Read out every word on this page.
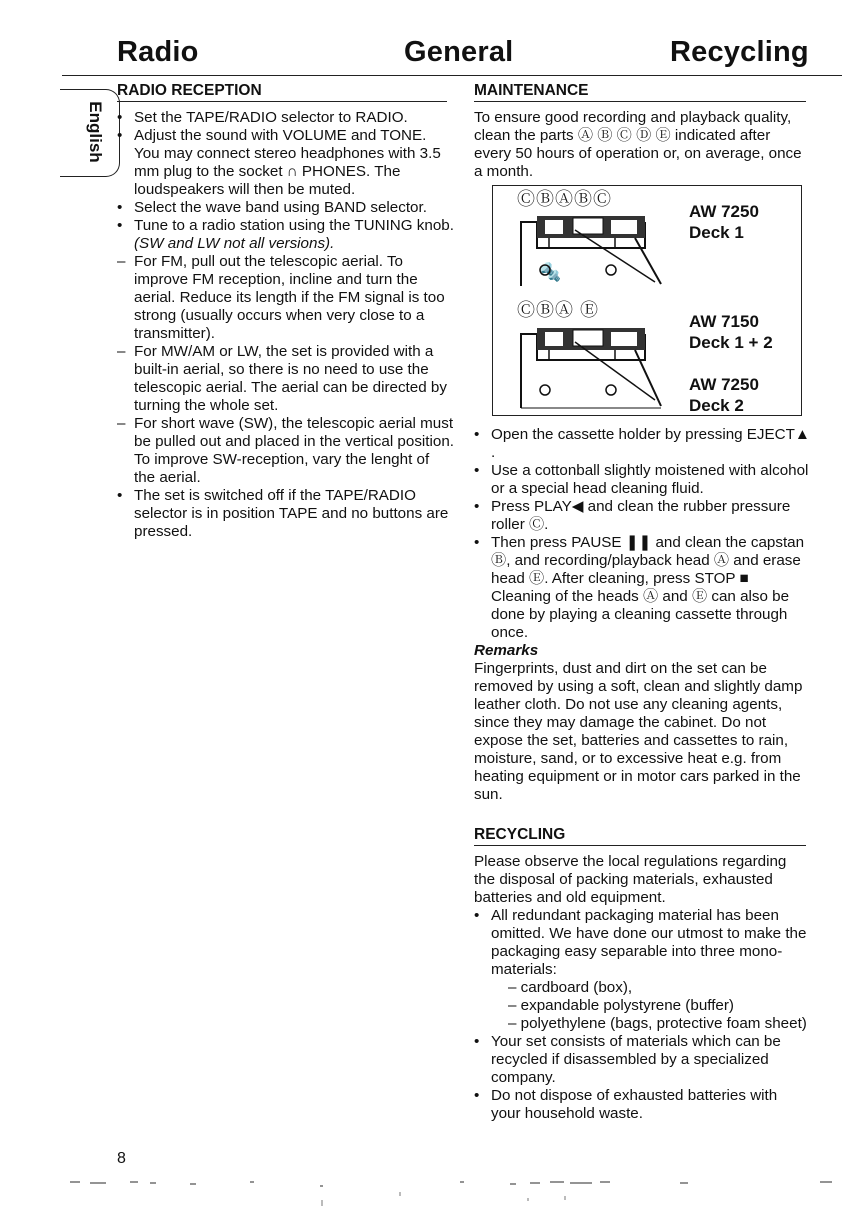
Radio	General	Recycling
English
RADIO RECEPTION
• Set the TAPE/RADIO selector to RADIO.
• Adjust the sound with VOLUME and TONE. You may connect stereo headphones with 3.5 mm plug to the socket ∩ PHONES. The loudspeakers will then be muted.
• Select the wave band using BAND selector.
• Tune to a radio station using the TUNING knob. (SW and LW not all versions).
– For FM, pull out the telescopic aerial. To improve FM reception, incline and turn the aerial. Reduce its length if the FM signal is too strong (usually occurs when very close to a transmitter).
– For MW/AM or LW, the set is provided with a built-in aerial, so there is no need to use the telescopic aerial. The aerial can be directed by turning the whole set.
– For short wave (SW), the telescopic aerial must be pulled out and placed in the vertical position. To improve SW-reception, vary the lenght of the aerial.
• The set is switched off if the TAPE/RADIO selector is in position TAPE and no buttons are pressed.
MAINTENANCE

To ensure good recording and playback quality, clean the parts Ⓐ Ⓑ Ⓒ Ⓓ Ⓔ indicated after every 50 hours of operation or, on average, once a month.

ⒸⒷⒶⒷⒸ
🔩
AW 7250
Deck 1
ⒸⒷⒶ Ⓔ
AW 7150
Deck 1 + 2
AW 7250
Deck 2
• Open the cassette holder by pressing EJECT▲ .
• Use a cottonball slightly moistened with alcohol or a special head cleaning fluid.
• Press PLAY◀ and clean the rubber pressure roller Ⓒ.
• Then press PAUSE ❚❚ and clean the capstan Ⓑ, and recording/playback head Ⓐ and erase head Ⓔ. After cleaning, press STOP ■ Cleaning of the heads Ⓐ and Ⓔ can also be done by playing a cleaning cassette through once.

Remarks

Fingerprints, dust and dirt on the set can be removed by using a soft, clean and slightly damp leather cloth. Do not use any cleaning agents, since they may damage the cabinet. Do not expose the set, batteries and cassettes to rain, moisture, sand, or to excessive heat e.g. from heating equipment or in motor cars parked in the sun.

RECYCLING

Please observe the local regulations regarding the disposal of packing materials, exhausted batteries and old equipment.

• All redundant packaging material has been omitted. We have done our utmost to make the packaging easy separable into three mono-materials:
– cardboard (box),
– expandable polystyrene (buffer)
– polyethylene (bags, protective foam sheet)
• Your set consists of materials which can be recycled if disassembled by a specialized company.
• Do not dispose of exhausted batteries with your household waste.
8
